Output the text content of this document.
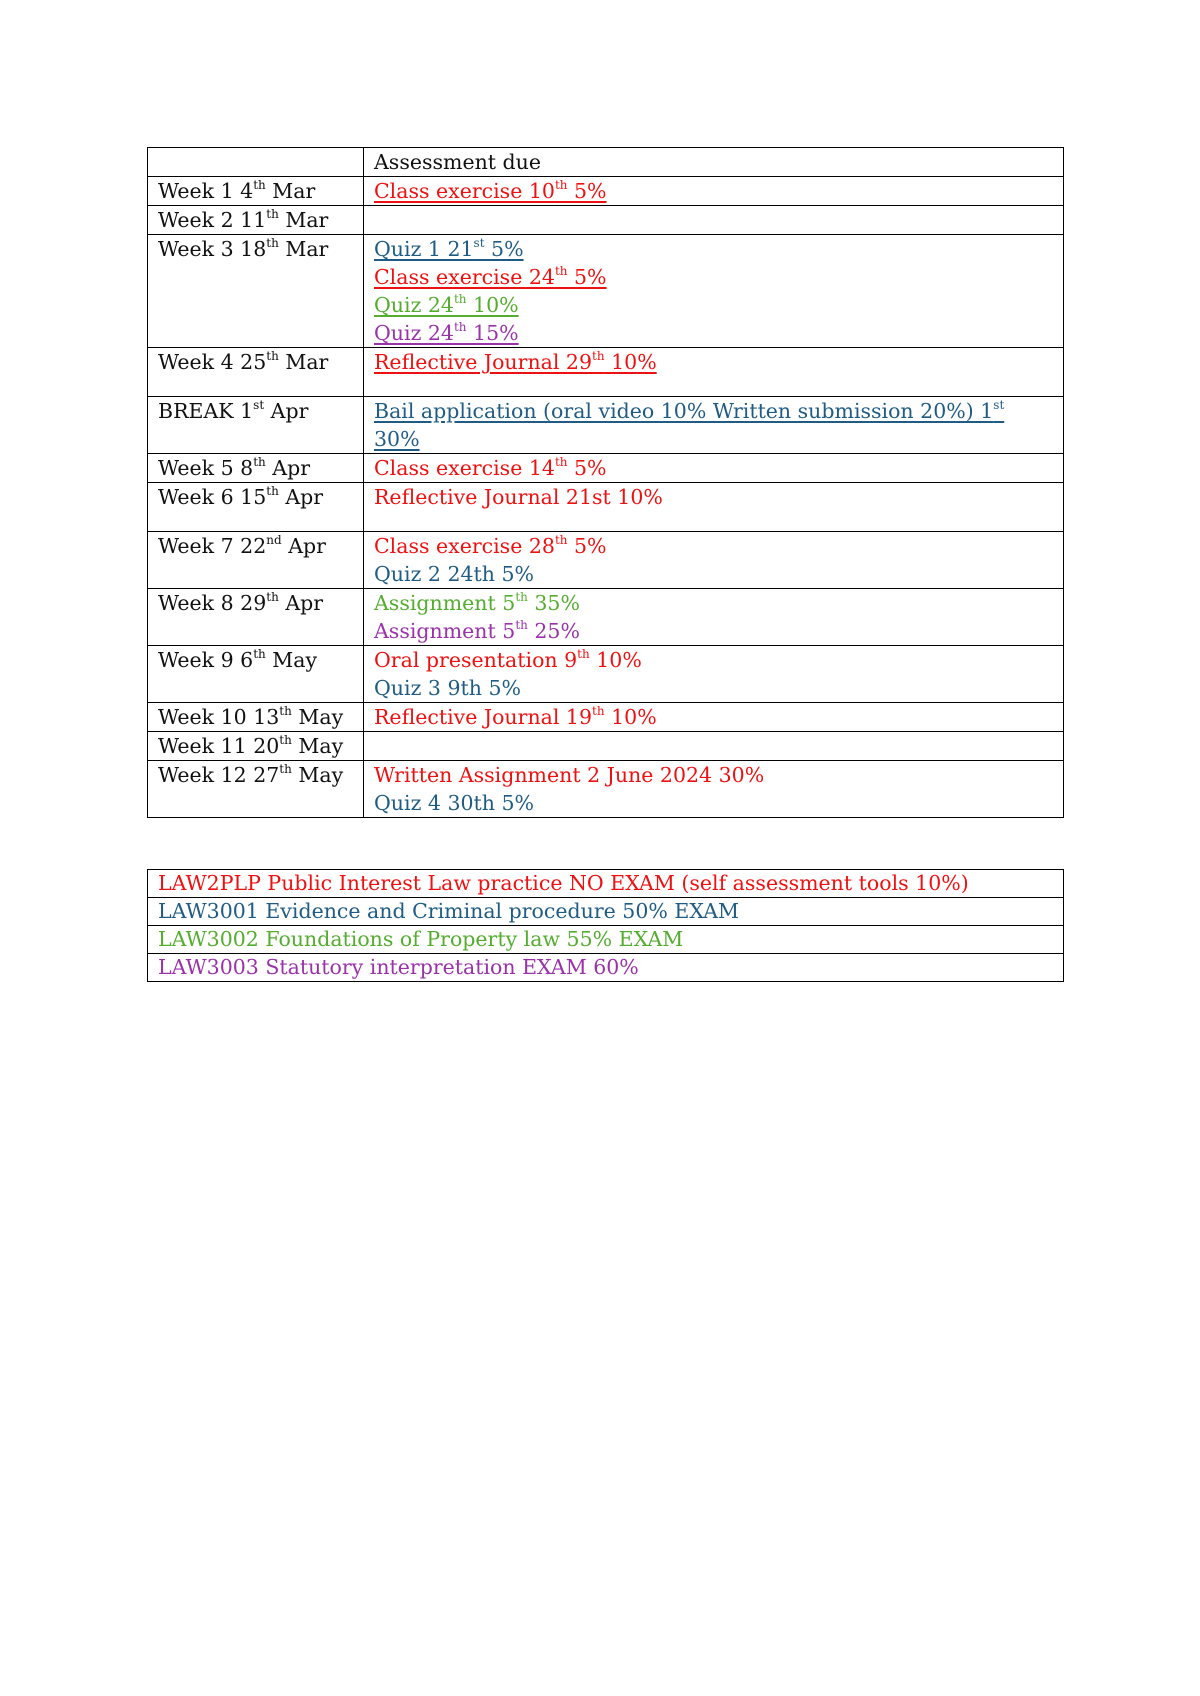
	Assessment due
Week 1 4th Mar	Class exercise 10th 5%

Week 2 11th Mar	
Week 3 18th Mar	Quiz 1 21st 5%
Class exercise 24th 5%
Quiz 24th 10%
Quiz 24th 15%

Week 4 25th Mar	Reflective Journal 29th 10%

BREAK 1st Apr	Bail application (oral video 10% Written submission 20%) 1st 30%

Week 5 8th Apr	Class exercise 14th 5%

Week 6 15th Apr	Reflective Journal 21st 10%

Week 7 22nd Apr	Class exercise 28th 5%
Quiz 2 24th 5%

Week 8 29th Apr	Assignment 5th 35%
Assignment 5th 25%

Week 9 6th May	Oral presentation 9th 10%
Quiz 3 9th 5%

Week 10 13th May	Reflective Journal 19th 10%

Week 11 20th May	
Week 12 27th May	Written Assignment 2 June 2024 30%
Quiz 4 30th 5%
LAW2PLP Public Interest Law practice NO EXAM (self assessment tools 10%)
LAW3001 Evidence and Criminal procedure 50% EXAM
LAW3002 Foundations of Property law 55% EXAM
LAW3003 Statutory interpretation EXAM 60%
